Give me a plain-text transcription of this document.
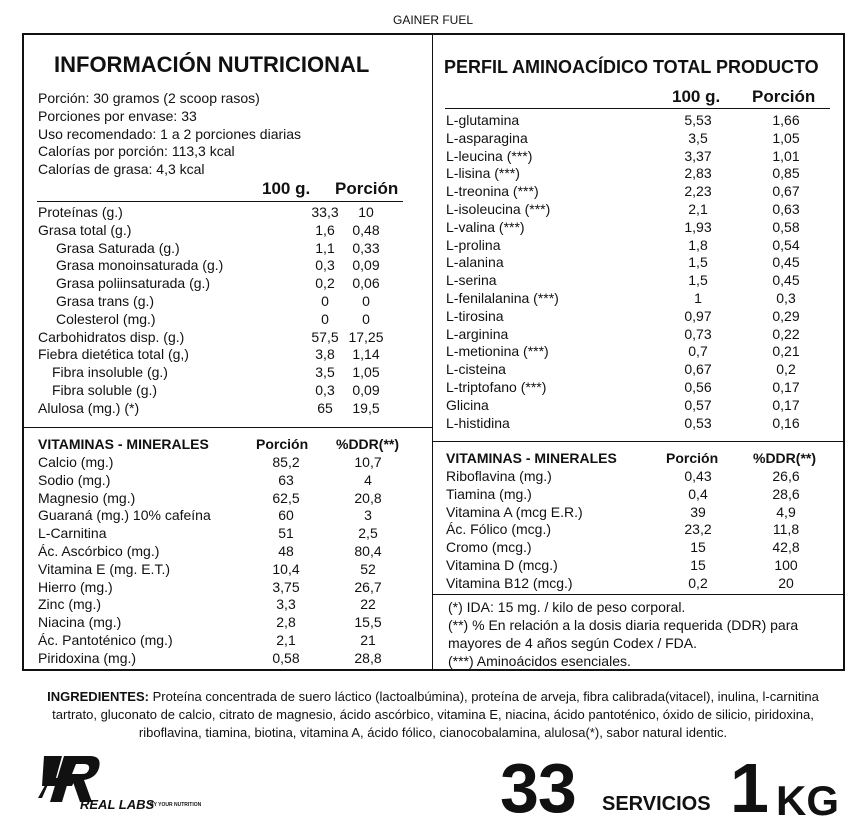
GAINER FUEL
INFORMACIÓN NUTRICIONAL
Porción: 30 gramos (2 scoop rasos)
Porciones por envase: 33
Uso recomendado: 1 a 2 porciones diarias
Calorías por porción: 113,3 kcal
Calorías de grasa: 4,3 kcal
100 g. Porción
Proteínas (g.)	33,3	10
Grasa total (g.)	1,6	0,48
Grasa Saturada (g.)	1,1	0,33
Grasa monoinsaturada (g.)	0,3	0,09
Grasa poliinsaturada (g.)	0,2	0,06
Grasa trans (g.)	0	0
Colesterol (mg.)	0	0
Carbohidratos disp. (g.)	57,5 17,25
Fiebra dietética total (g,)	3,8	1,14
Fibra insoluble (g.)	3,5	1,05
Fibra soluble (g.)	0,3	0,09
Alulosa (mg.) (*)	65	19,5
VITAMINAS - MINERALES	Porción %DDR(**)
Calcio (mg.)	85,2	10,7
Sodio (mg.)	63	4
Magnesio (mg.)	62,5	20,8
Guaraná (mg.) 10% cafeína	60	3
L-Carnitina	51	2,5
Ác. Ascórbico (mg.)	48	80,4
Vitamina E (mg. E.T.)	10,4	52
Hierro (mg.)	3,75	26,7
Zinc (mg.)	3,3	22
Niacina (mg.)	2,8	15,5
Ác. Pantoténico (mg.)	2,1	21
Piridoxina (mg.)	0,58	28,8
PERFIL AMINOACÍDICO TOTAL PRODUCTO
100 g. Porción
L-glutamina	5,53	1,66
L-asparagina	3,5	1,05
L-leucina (***)	3,37	1,01
L-lisina (***)	2,83	0,85
L-treonina (***)	2,23	0,67
L-isoleucina (***)	2,1	0,63
L-valina (***)	1,93	0,58
L-prolina	1,8	0,54
L-alanina	1,5	0,45
L-serina	1,5	0,45
L-fenilalanina (***)	1	0,3
L-tirosina	0,97	0,29
L-arginina	0,73	0,22
L-metionina (***)	0,7	0,21
L-cisteina	0,67	0,2
L-triptofano (***)	0,56	0,17
Glicina	0,57	0,17
L-histidina	0,53	0,16
VITAMINAS - MINERALES	Porción %DDR(**)
Riboflavina (mg.)	0,43	26,6
Tiamina (mg.)	0,4	28,6
Vitamina A (mcg E.R.)	39	4,9
Ác. Fólico (mcg.)	23,2	11,8
Cromo (mcg.)	15	42,8
Vitamina D (mcg.)	15	100
Vitamina B12 (mcg.)	0,2	20
(*) IDA: 15 mg. / kilo de peso corporal.
(**) % En relación a la dosis diaria requerida (DDR) para mayores de 4 años según Codex / FDA.
(***) Aminoácidos esenciales.
INGREDIENTES: Proteína concentrada de suero láctico (lactoalbúmina), proteína de arveja, fibra calibrada(vitacel), inulina, l-carnitina tartrato, gluconato de calcio, citrato de magnesio, ácido ascórbico, vitamina E, niacina, ácido pantoténico, óxido de silicio, piridoxina, riboflavina, tiamina, biotina, vitamina A, ácido fólico, cianocobalamina, alulosa(*), sabor natural identic.
REAL LABS
BY YOUR NUTRITION	33 SERVICIOS 1 KG
